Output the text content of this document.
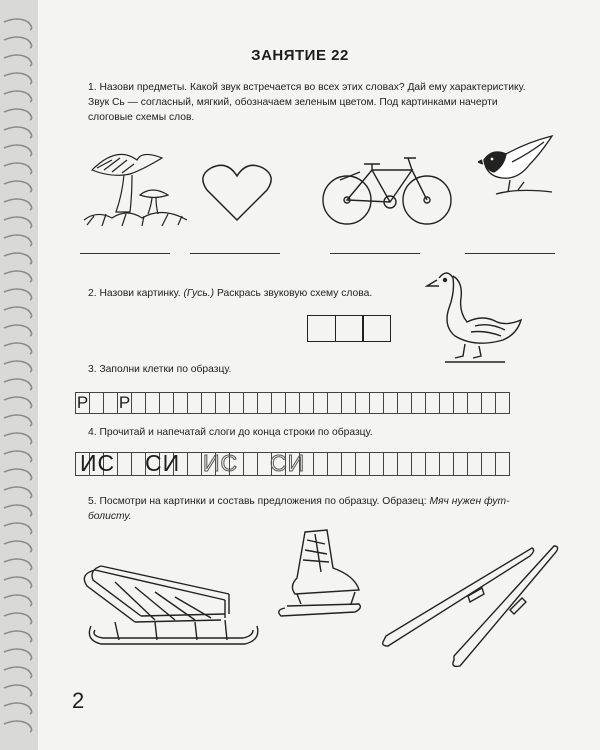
ЗАНЯТИЕ 22
1. Назови предметы. Какой звук встречается во всех этих словах? Дай ему характеристику.
Звук Сь — согласный, мягкий, обозначаем зеленым цветом. Под картинками начерти
слоговые схемы слов.
2. Назови картинку. (Гусь.) Раскрась звуковую схему слова.
3. Заполни клетки по образцу.
Р Р
4. Прочитай и напечатай слоги до конца строки по образцу.
ИС СИ ИС СИ
5. Посмотри на картинки и составь предложения по образцу. Образец: Мяч нужен фут-
болисту.
2
